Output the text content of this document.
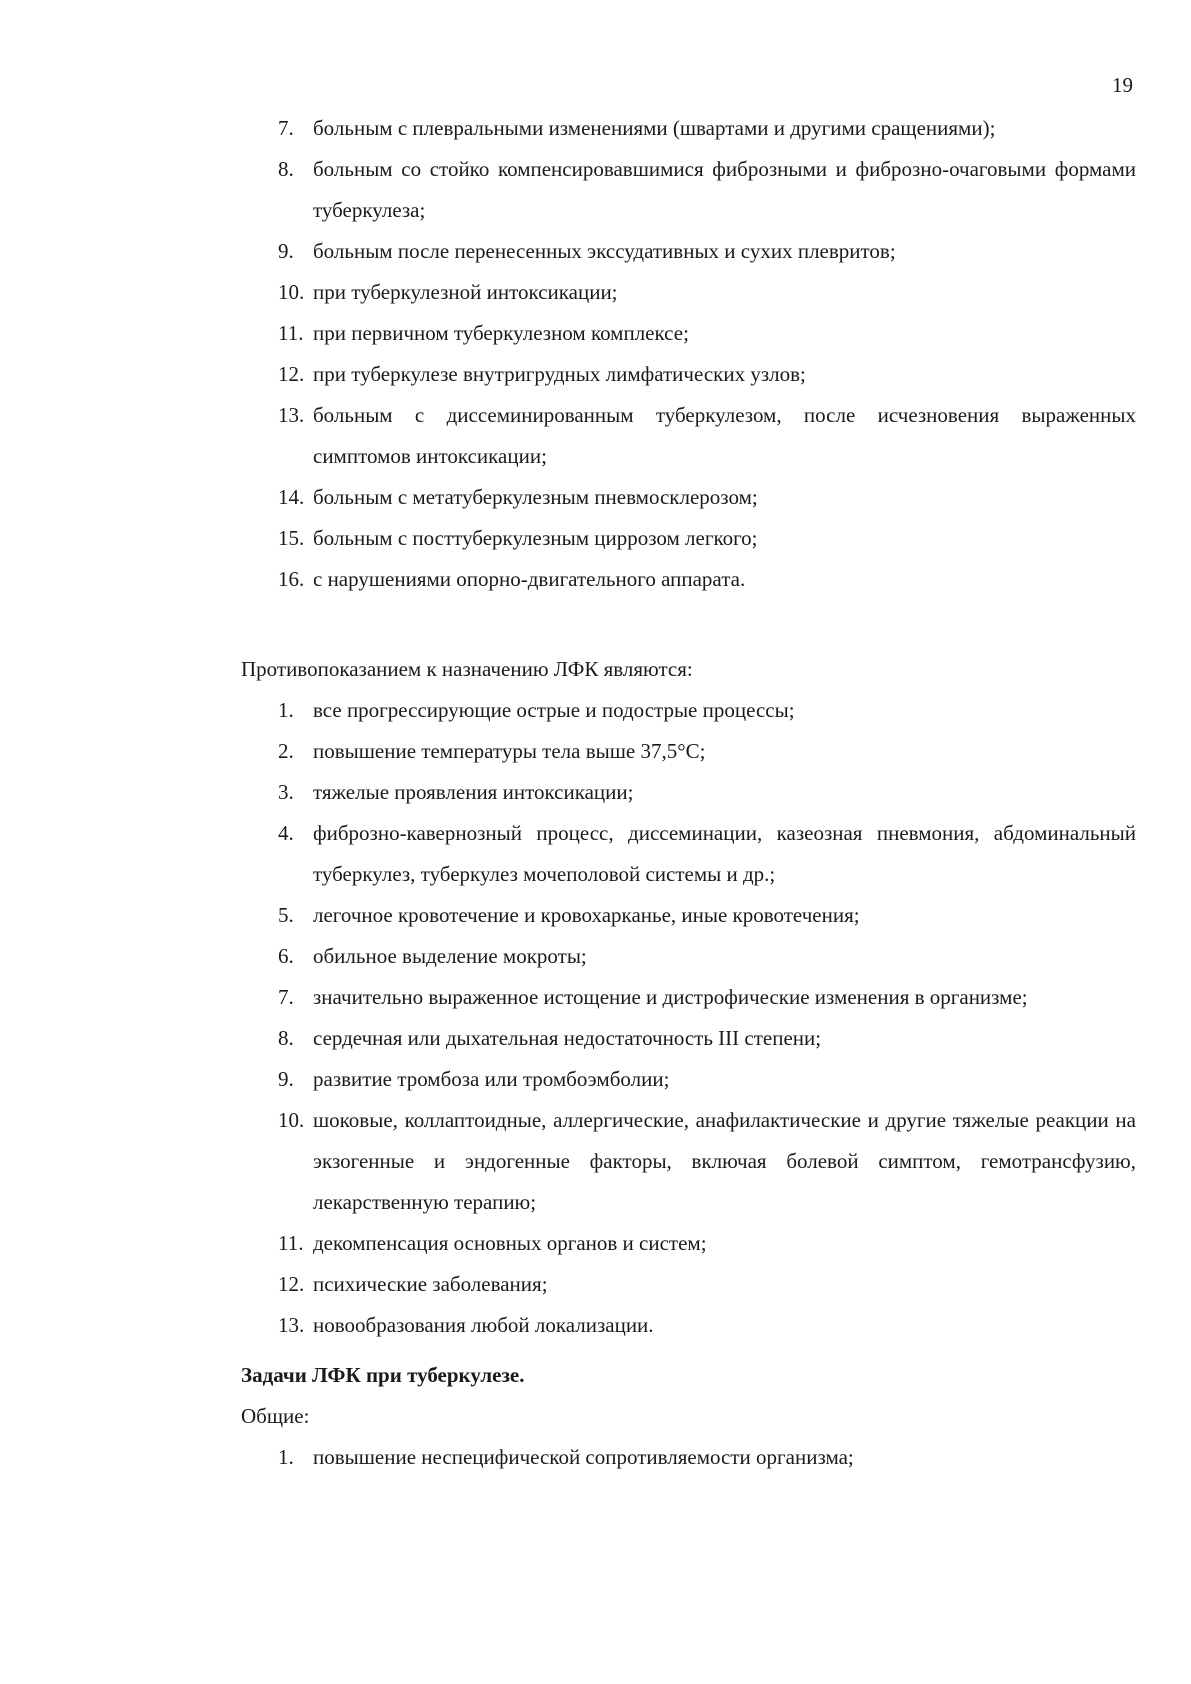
19
7. больным с плевральными изменениями (швартами и другими сращениями);
8. больным со стойко компенсировавшимися фиброзными и фиброзно-очаговыми формами туберкулеза;
9. больным после перенесенных экссудативных и сухих плевритов;
10. при туберкулезной интоксикации;
11. при первичном туберкулезном комплексе;
12. при туберкулезе внутригрудных лимфатических узлов;
13. больным с диссеминированным туберкулезом, после исчезновения выраженных симптомов интоксикации;
14. больным с метатуберкулезным пневмосклерозом;
15. больным с посттуберкулезным циррозом легкого;
16. с нарушениями опорно-двигательного аппарата.
Противопоказанием к назначению ЛФК являются:
1. все прогрессирующие острые и подострые процессы;
2. повышение температуры тела выше 37,5°С;
3. тяжелые проявления интоксикации;
4. фиброзно-кавернозный процесс, диссеминации, казеозная пневмония, абдоминальный туберкулез, туберкулез мочеполовой системы и др.;
5. легочное кровотечение и кровохарканье, иные кровотечения;
6. обильное выделение мокроты;
7. значительно выраженное истощение и дистрофические изменения в организме;
8. сердечная или дыхательная недостаточность III степени;
9. развитие тромбоза или тромбоэмболии;
10. шоковые, коллаптоидные, аллергические, анафилактические и другие тяжелые реакции на экзогенные и эндогенные факторы, включая болевой симптом, гемотрансфузию, лекарственную терапию;
11. декомпенсация основных органов и систем;
12. психические заболевания;
13. новообразования любой локализации.
Задачи ЛФК при туберкулезе.
Общие:
1. повышение неспецифической сопротивляемости организма;
